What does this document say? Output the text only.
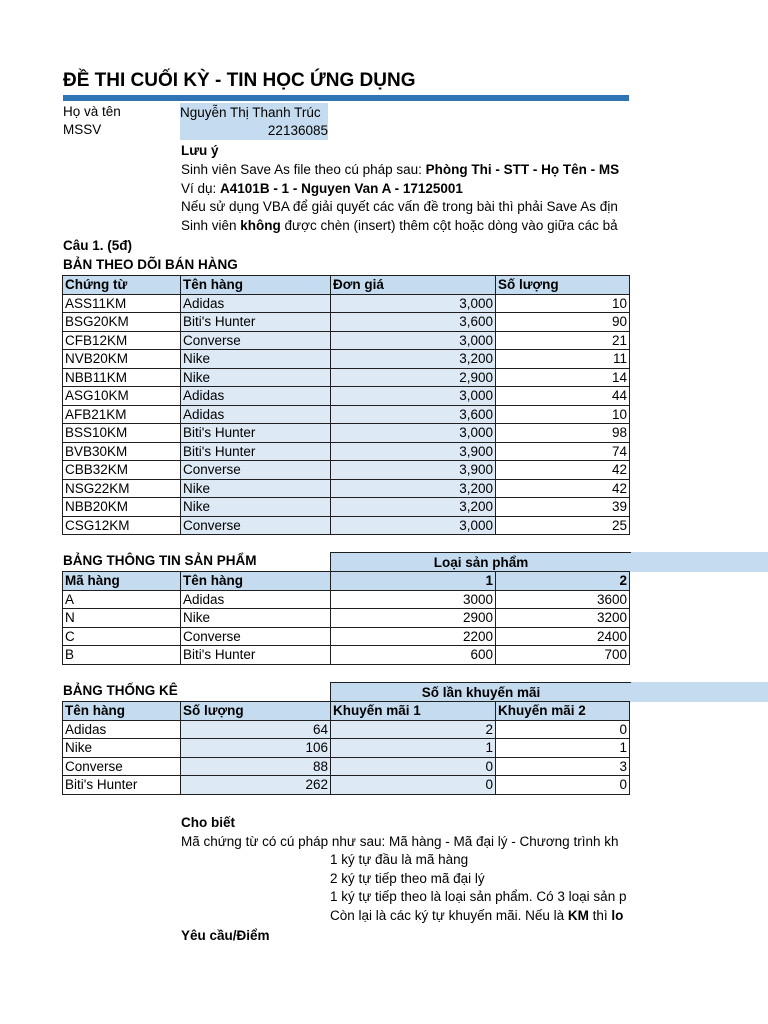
ĐỀ THI CUỐI KỲ - TIN HỌC ỨNG DỤNG
Họ và tên	Nguyễn Thị Thanh Trúc
MSSV	22136085
Lưu ý
Sinh viên Save As file theo cú pháp sau: Phòng Thi - STT - Họ Tên - MS
Ví dụ: A4101B - 1 - Nguyen Van A - 17125001
Nếu sử dụng VBA để giải quyết các vấn đề trong bài thì phải Save As địn
Sinh viên không được chèn (insert) thêm cột hoặc dòng vào giữa các bả
Câu 1. (5đ)
BẢN THEO DÕI BÁN HÀNG
Chứng từ	Tên hàng	Đơn giá	Số lượng
ASS11KM	Adidas	3,000	10
BSG20KM	Biti's Hunter	3,600	90
CFB12KM	Converse	3,000	21
NVB20KM	Nike	3,200	11
NBB11KM	Nike	2,900	14
ASG10KM	Adidas	3,000	44
AFB21KM	Adidas	3,600	10
BSS10KM	Biti's Hunter	3,000	98
BVB30KM	Biti's Hunter	3,900	74
CBB32KM	Converse	3,900	42
NSG22KM	Nike	3,200	42
NBB20KM	Nike	3,200	39
CSG12KM	Converse	3,000	25
BẢNG THÔNG TIN SẢN PHẨM	Loại sản phẩm
Mã hàng	Tên hàng	1	2
A	Adidas	3000	3600
N	Nike	2900	3200
C	Converse	2200	2400
B	Biti's Hunter	600	700
BẢNG THỐNG KÊ	Số lần khuyến mãi
Tên hàng	Số lượng	Khuyến mãi 1	Khuyến mãi 2
Adidas	64	2	0
Nike	106	1	1
Converse	88	0	3
Biti's Hunter	262	0	0
Cho biết
Mã chứng từ có cú pháp như sau: Mã hàng - Mã đại lý - Chương trình kh
1 ký tự đầu là mã hàng
2 ký tự tiếp theo mã đại lý
1 ký tự tiếp theo là loại sản phẩm. Có 3 loại sản p
Còn lại là các ký tự khuyến mãi. Nếu là KM thì lo
Yêu cầu/Điểm
